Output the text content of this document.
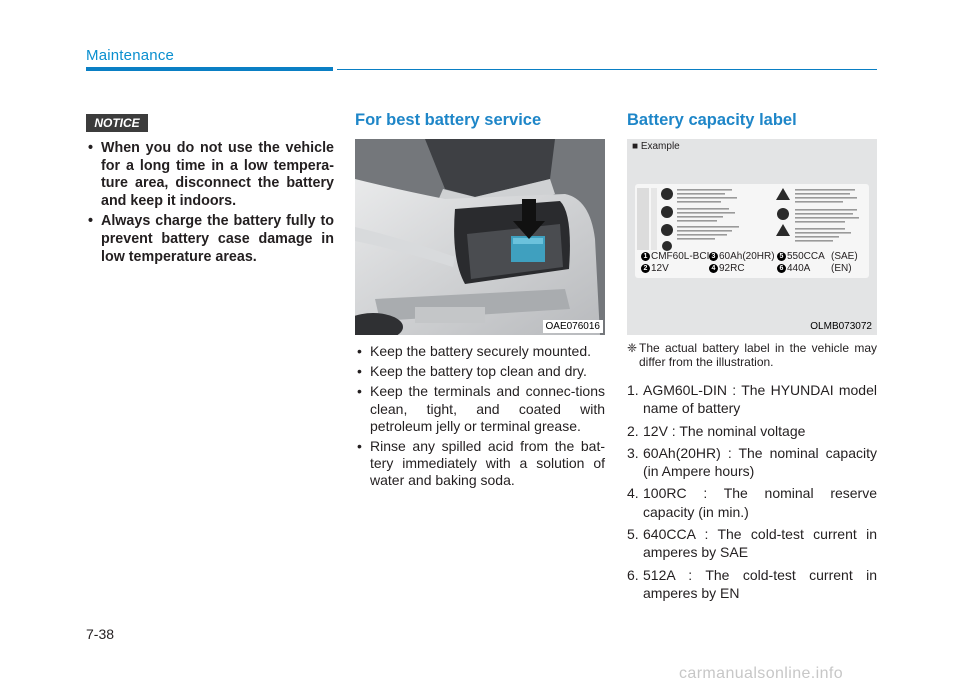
Maintenance
NOTICE
• When you do not use the vehicle for a long time in a low tempera-ture area, disconnect the battery and keep it indoors.
• Always charge the battery fully to prevent battery case damage in low temperature areas.
For best battery service
OAE076016
• Keep the battery securely mounted.
• Keep the battery top clean and dry.
• Keep the terminals and connec-tions clean, tight, and coated with petroleum jelly or terminal grease.
• Rinse any spilled acid from the bat-tery immediately with a solution of water and baking soda.
Battery capacity label
■ Example
1 CMF60L-BCI
2 12V
3 60Ah(20HR)
4 92RC
5 550CCA
6 440A
(SAE)
(EN)
OLMB073072
❈ The actual battery label in the vehicle may differ from the illustration.
1. AGM60L-DIN : The HYUNDAI model name of battery
2. 12V : The nominal voltage
3. 60Ah(20HR) : The nominal capacity (in Ampere hours)
4. 100RC : The nominal reserve capacity (in min.)
5. 640CCA : The cold-test current in amperes by SAE
6. 512A : The cold-test current in amperes by EN
7-38
carmanualsonline.info
